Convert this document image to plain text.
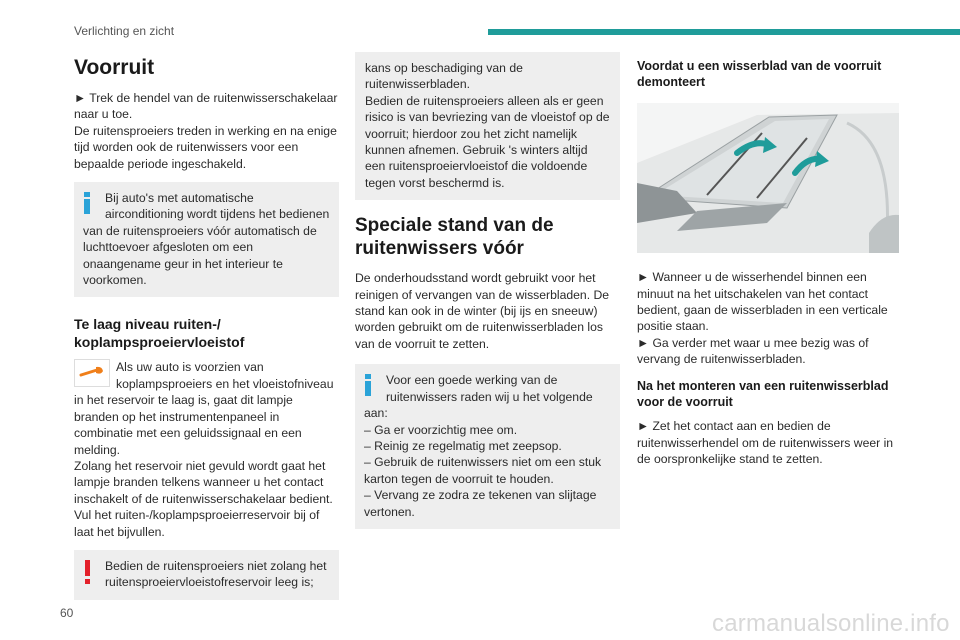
Verlichting en zicht
Voorruit

► Trek de hendel van de ruitenwisserschakelaar naar u toe.
De ruitensproeiers treden in werking en na enige tijd worden ook de ruitenwissers voor een bepaalde periode ingeschakeld.

Bij auto's met automatische airconditioning wordt tijdens het bedienen van de ruitensproeiers vóór automatisch de luchttoevoer afgesloten om een onaangename geur in het interieur te voorkomen.
Te laag niveau ruiten-/ koplampsproeiervloeistof

Als uw auto is voorzien van koplampsproeiers en het vloeistofniveau in het reservoir te laag is, gaat dit lampje branden op het instrumentenpaneel in combinatie met een geluidssignaal en een melding.

Zolang het reservoir niet gevuld wordt gaat het lampje branden telkens wanneer u het contact inschakelt of de ruitenwisserschakelaar bedient.

Vul het ruiten-/koplampsproeierreservoir bij of laat het bijvullen.

Bedien de ruitensproeiers niet zolang het ruitensproeiervloeistofreservoir leeg is;
kans op beschadiging van de ruitenwisserbladen.
Bedien de ruitensproeiers alleen als er geen risico is van bevriezing van de vloeistof op de voorruit; hierdoor zou het zicht namelijk kunnen afnemen. Gebruik 's winters altijd een ruitensproeiervloeistof die voldoende tegen vorst beschermd is.
Speciale stand van de ruitenwissers vóór

De onderhoudsstand wordt gebruikt voor het reinigen of vervangen van de wisserbladen. De stand kan ook in de winter (bij ijs en sneeuw) worden gebruikt om de ruitenwisserbladen los van de voorruit te zetten.

Voor een goede werking van de ruitenwissers raden wij u het volgende aan:
– Ga er voorzichtig mee om.
– Reinig ze regelmatig met zeepsop.
– Gebruik de ruitenwissers niet om een stuk karton tegen de voorruit te houden.
– Vervang ze zodra ze tekenen van slijtage vertonen.
Voordat u een wisserblad van de voorruit demonteert

► Wanneer u de wisserhendel binnen een minuut na het uitschakelen van het contact bedient, gaan de wisserbladen in een verticale positie staan.
► Ga verder met waar u mee bezig was of vervang de ruitenwisserbladen.

Na het monteren van een ruitenwisserblad voor de voorruit

► Zet het contact aan en bedien de ruitenwisserhendel om de ruitenwissers weer in de oorspronkelijke stand te zetten.

60	carmanualsonline.info
